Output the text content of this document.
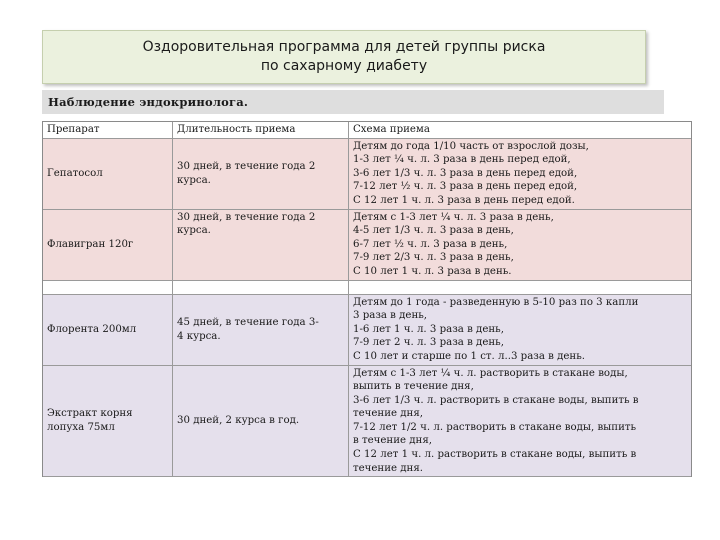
Оздоровительная программа для детей группы риска
по сахарному диабету
Наблюдение эндокринолога.
Препарат	Длительность приема	Схема приема
Гепатосол
30 дней, в течение года 2
курса.
Детям до года 1/10 часть от взрослой дозы,
1-3 лет ¼ ч. л. 3 раза в день перед едой,
3-6 лет 1/3 ч. л. 3 раза в день перед едой,
7-12 лет ½ ч. л. 3 раза в день перед едой,
С 12 лет 1 ч. л. 3 раза в день перед едой.
Флавигран 120г
30 дней, в течение года 2
курса.
Детям с 1-3 лет ¼ ч. л. 3 раза в день,
4-5 лет 1/3 ч. л. 3 раза в день,
6-7 лет ½ ч. л. 3 раза в день,
7-9 лет 2/3 ч. л. 3 раза в день,
С 10 лет 1 ч. л. 3 раза в день.
Флорента 200мл
45 дней, в течение года 3-
4 курса.
Детям до 1 года - разведенную в 5-10 раз по 3 капли
3 раза в день,
1-6 лет 1 ч. л. 3 раза в день,
7-9 лет 2 ч. л. 3 раза в день,
С 10 лет и старше по 1 ст. л..3 раза в день.
Экстракт корня
лопуха 75мл
30 дней, 2 курса в год.
Детям с 1-3 лет ¼ ч. л. растворить в стакане воды,
выпить в течение дня,
3-6 лет 1/3 ч. л. растворить в стакане воды, выпить в
течение дня,
7-12 лет 1/2 ч. л. растворить в стакане воды, выпить
в течение дня,
С 12 лет 1 ч. л. растворить в стакане воды, выпить в
течение дня.
